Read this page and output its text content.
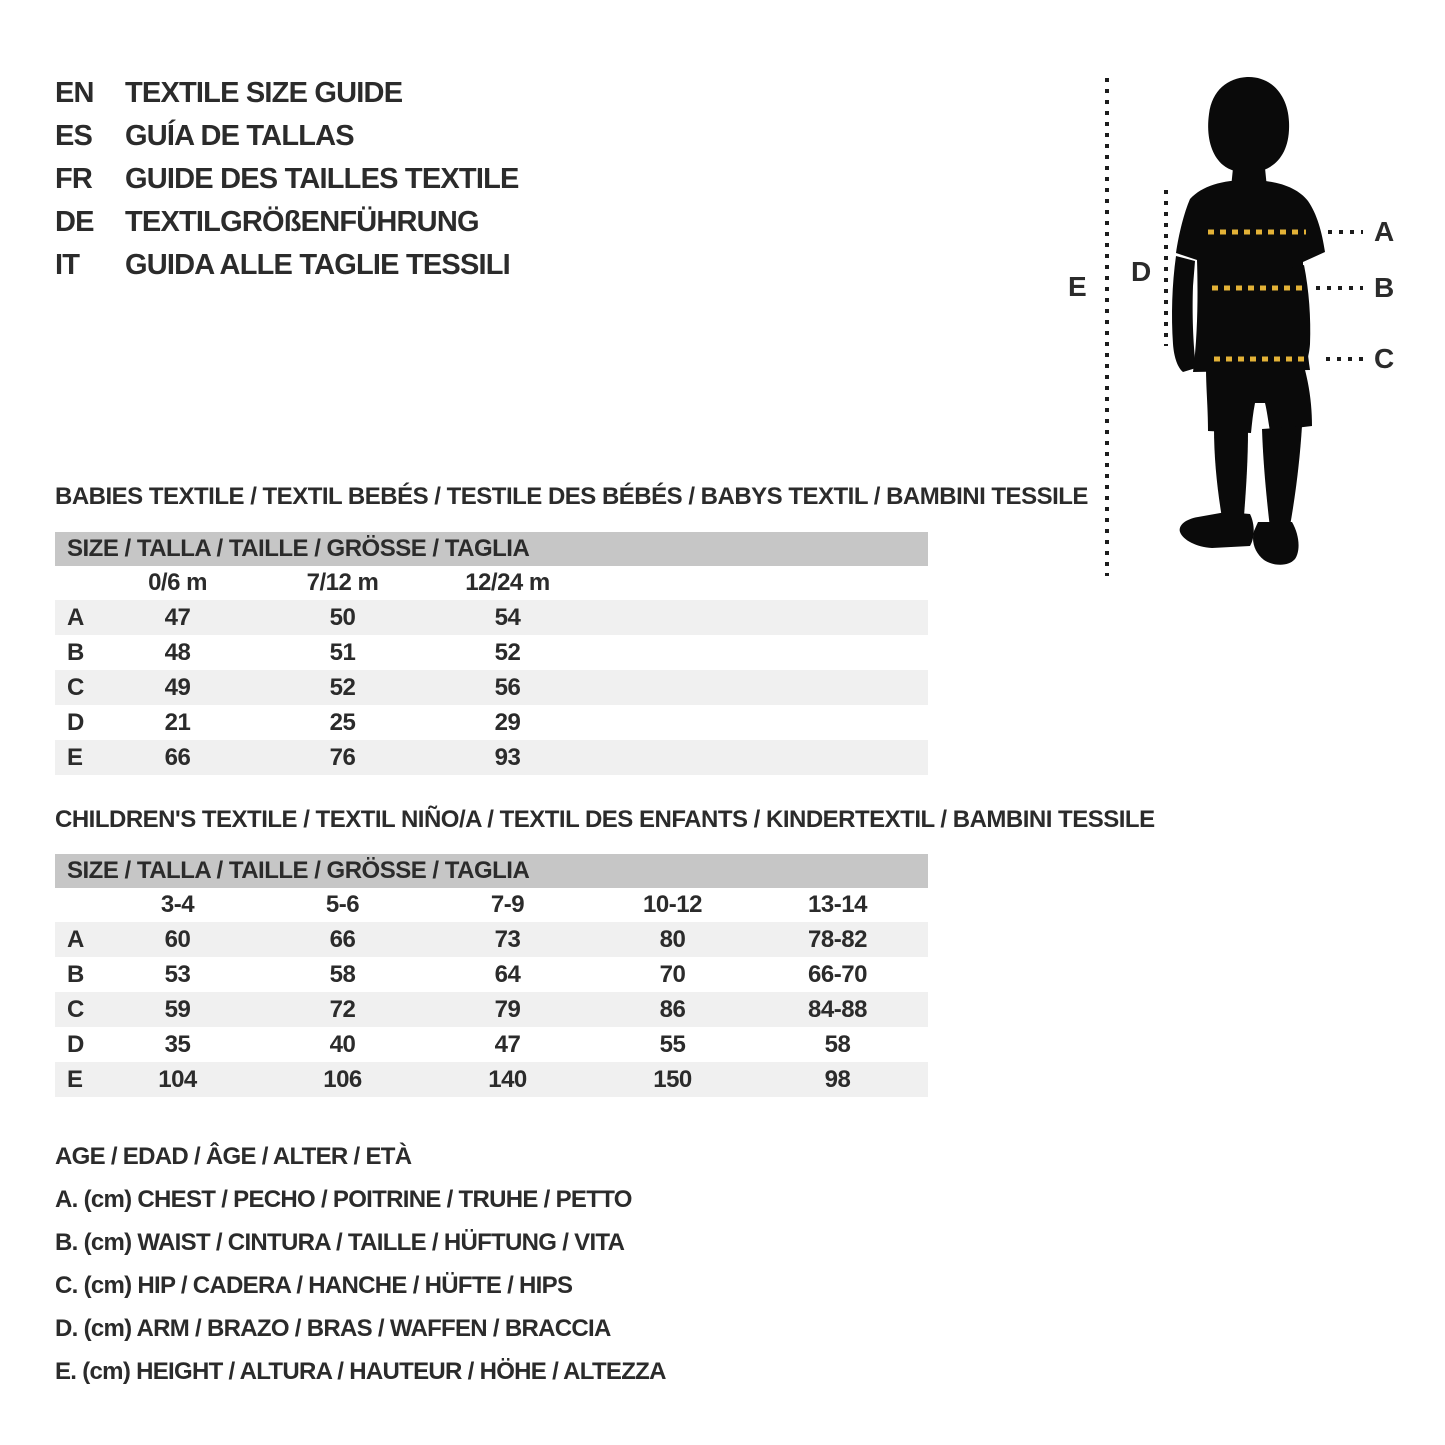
EN	TEXTILE SIZE GUIDE
ES	GUÍA DE TALLAS
FR	GUIDE DES TAILLES TEXTILE
DE	TEXTILGRÖßENFÜHRUNG
IT	GUIDA ALLE TAGLIE TESSILI
A
B
C
D
E
BABIES TEXTILE / TEXTIL BEBÉS / TESTILE DES BÉBÉS / BABYS TEXTIL / BAMBINI TESSILE
SIZE / TALLA / TAILLE / GRÖSSE / TAGLIA
0/6 m	7/12 m	12/24 m
A	47	50	54
B	48	51	52
C	49	52	56
D	21	25	29
E	66	76	93
CHILDREN'S TEXTILE / TEXTIL NIÑO/A / TEXTIL DES ENFANTS / KINDERTEXTIL / BAMBINI TESSILE
SIZE / TALLA / TAILLE / GRÖSSE / TAGLIA
3-4	5-6	7-9	10-12	13-14
A	60	66	73	80	78-82
B	53	58	64	70	66-70
C	59	72	79	86	84-88
D	35	40	47	55	58
E	104	106	140	150	98
AGE / EDAD / ÂGE / ALTER / ETÀ
A. (cm) CHEST / PECHO / POITRINE / TRUHE / PETTO
B. (cm) WAIST / CINTURA / TAILLE / HÜFTUNG / VITA
C. (cm) HIP / CADERA / HANCHE / HÜFTE / HIPS
D. (cm) ARM / BRAZO / BRAS / WAFFEN / BRACCIA
E. (cm) HEIGHT / ALTURA / HAUTEUR / HÖHE / ALTEZZA
